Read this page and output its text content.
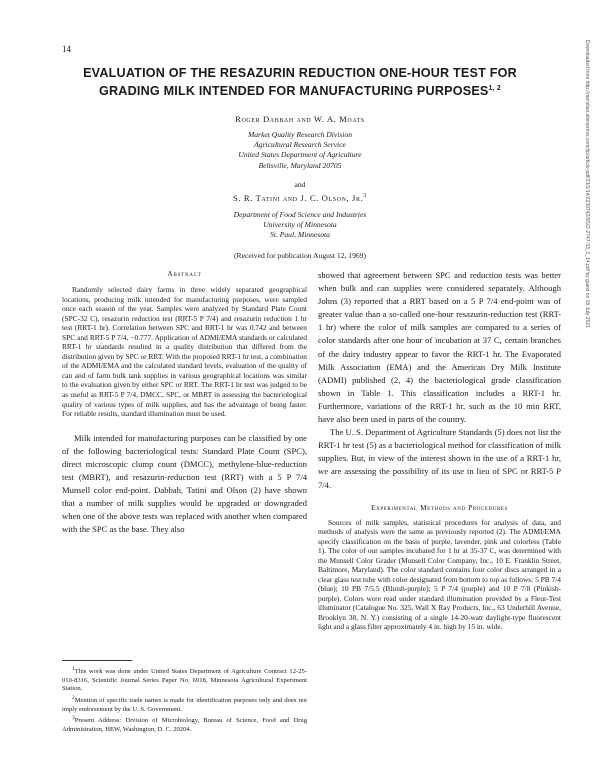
14
EVALUATION OF THE RESAZURIN REDUCTION ONE-HOUR TEST FOR GRADING MILK INTENDED FOR MANUFACTURING PURPOSES$^{1, 2}$
Roger Dabbah and W. A. Moats
Market Quality Research Division
Agricultural Research Service
United States Department of Agriculture
Beltsville, Maryland 20705
and
S. R. Tatini and J. C. Olson, Jr.$^3$
Department of Food Science and Industries
University of Minnesota
St. Paul, Minnesota
(Received for publication August 12, 1969)
Abstract

Randomly selected dairy farms in three widely separated geographical locations, producing milk intended for manufacturing purposes, were sampled once each season of the year. Samples were analyzed by Standard Plate Count (SPC-32 C), resazurin reduction test (RRT-5 P 7/4) and resazurin reduction 1 hr test (RRT-1 hr). Correlation between SPC and RRT-1 hr was 0.742 and between SPC and RRT-5 P 7/4, −0.777. Application of ADMI/EMA standards or calculated RRT-1 hr standards resulted in a quality distribution that differed from the distribution given by SPC or RRT. With the proposed RRT-1 hr test, a combination of the ADMI/EMA and the calculated standard levels, evaluation of the quality of can and of farm bulk tank supplies in various geographical locations was similar to the evaluation given by either SPC or RRT. The RRT-1 hr test was judged to be as useful as RRT-5 P 7/4, DMCC, SPC, or MBRT in assessing the bacteriological quality of various types of milk supplies, and has the advantage of being faster. For reliable results, standard illumination must be used.

Milk intended for manufacturing purposes can be classified by one of the following bacteriological tests: Standard Plate Count (SPC), direct microscopic clump count (DMCC), methylene-blue-reduction test (MBRT), and resazurin-reduction test (RRT) with a 5 P 7/4 Munsell color end-point. Dabbah, Tatini and Olson (2) have shown that a number of milk supplies would be upgraded or downgraded when one of the above tests was replaced with another when compared with the SPC as the base. They also

showed that agreement between SPC and reduction tests was better when bulk and can supplies were considered separately. Although Johns (3) reported that a RRT based on a 5 P 7/4 end-point was of greater value than a so-called one-hour resazurin-reduction test (RRT-1 hr) where the color of milk samples are compared to a series of color standards after one hour of incubation at 37 C, certain branches of the dairy industry appear to favor the RRT-1 hr. The Evaporated Milk Association (EMA) and the American Dry Milk Institute (ADMI) published (2, 4) the bacteriological grade classification shown in Table 1. This classification includes a RRT-1 hr. Furthermore, variations of the RRT-1 hr, such as the 10 min RRT, have also been used in parts of the country.

The U. S. Department of Agriculture Standards (5) does not list the RRT-1 hr test (5) as a bacteriological method for classification of milk supplies. But, in view of the interest shown in the use of a RRT-1 hr, we are assessing the possibility of its use in lieu of SPC or RRT-5 P 7/4.

Experimental Methods and Procedures

Sources of milk samples, statistical procedures for analysis of data, and methods of analysis were the same as previously reported (2). The ADMI/EMA specify classification on the basis of purple, lavender, pink and colorless (Table 1). The color of our samples incubated for 1 hr at 35-37 C, was determined with the Munsell Color Grader (Munsell Color Company, Inc., 10 E. Franklin Street, Baltimore, Maryland). The color standard contains four color discs arranged in a clear glass test tube with color designated from bottom to top as follows: 5 PB 7/4 (blue); 10 PB 7/5.5 (Bluish-purple); 5 P 7/4 (purple) and 10 P 7/8 (Pinkish-purple). Colors were read under standard illumination provided by a Fleur-Test illuminator (Catalogue No. 325, Wall X Ray Products, Inc., 63 Underhill Avenue, Brooklyn 38, N. Y.) consisting of a single 14-20-watt daylight-type fluorescent light and a glass filter approximately 4 in. high by 15 in. wide.

$^1$This work was done under United States Department of Agriculture Contract 12-25-010-8316, Scientific Journal Series Paper No. 6918, Minnesota Agricultural Experiment Station.

$^2$Mention of specific trade names is made for identification purposes only and does not imply endorsement by the U. S. Government.

$^3$Present Address: Division of Microbiology, Bureau of Science, Food and Drug Administration, HEW, Washington, D. C. 20204.

Downloaded from http://meridian.allenpress.com/jfp/article-pdf/33/1/14/2239742/0022-2747-33_1_14.pdf by guest on 18 July 2021
